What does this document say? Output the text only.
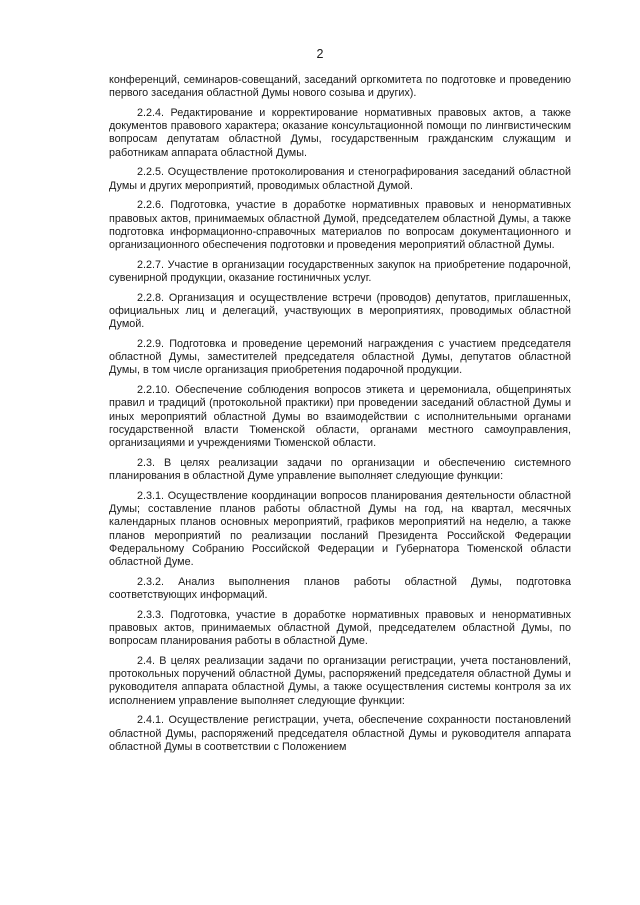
2

конференций, семинаров-совещаний, заседаний оргкомитета по подготовке и проведению первого заседания областной Думы нового созыва и других).

2.2.4. Редактирование и корректирование нормативных правовых актов, а также документов правового характера; оказание консультационной помощи по лингвистическим вопросам депутатам областной Думы, государственным гражданским служащим и работникам аппарата областной Думы.

2.2.5. Осуществление протоколирования и стенографирования заседаний областной Думы и других мероприятий, проводимых областной Думой.

2.2.6. Подготовка, участие в доработке нормативных правовых и ненормативных правовых актов, принимаемых областной Думой, председателем областной Думы, а также подготовка информационно-справочных материалов по вопросам документационного и организационного обеспечения подготовки и проведения мероприятий областной Думы.

2.2.7. Участие в организации государственных закупок на приобретение подарочной, сувенирной продукции, оказание гостиничных услуг.

2.2.8. Организация и осуществление встречи (проводов) депутатов, приглашенных, официальных лиц и делегаций, участвующих в мероприятиях, проводимых областной Думой.

2.2.9. Подготовка и проведение церемоний награждения с участием председателя областной Думы, заместителей председателя областной Думы, депутатов областной Думы, в том числе организация приобретения подарочной продукции.

2.2.10. Обеспечение соблюдения вопросов этикета и церемониала, общепринятых правил и традиций (протокольной практики) при проведении заседаний областной Думы и иных мероприятий областной Думы во взаимодействии с исполнительными органами государственной власти Тюменской области, органами местного самоуправления, организациями и учреждениями Тюменской области.

2.3. В целях реализации задачи по организации и обеспечению системного планирования в областной Думе управление выполняет следующие функции:

2.3.1. Осуществление координации вопросов планирования деятельности областной Думы; составление планов работы областной Думы на год, на квартал, месячных календарных планов основных мероприятий, графиков мероприятий на неделю, а также планов мероприятий по реализации посланий Президента Российской Федерации Федеральному Собранию Российской Федерации и Губернатора Тюменской области областной Думе.

2.3.2. Анализ выполнения планов работы областной Думы, подготовка соответствующих информаций.

2.3.3. Подготовка, участие в доработке нормативных правовых и ненормативных правовых актов, принимаемых областной Думой, председателем областной Думы, по вопросам планирования работы в областной Думе.

2.4. В целях реализации задачи по организации регистрации, учета постановлений, протокольных поручений областной Думы, распоряжений председателя областной Думы и руководителя аппарата областной Думы, а также осуществления системы контроля за их исполнением управление выполняет следующие функции:

2.4.1. Осуществление регистрации, учета, обеспечение сохранности постановлений областной Думы, распоряжений председателя областной Думы и руководителя аппарата областной Думы в соответствии с Положением
